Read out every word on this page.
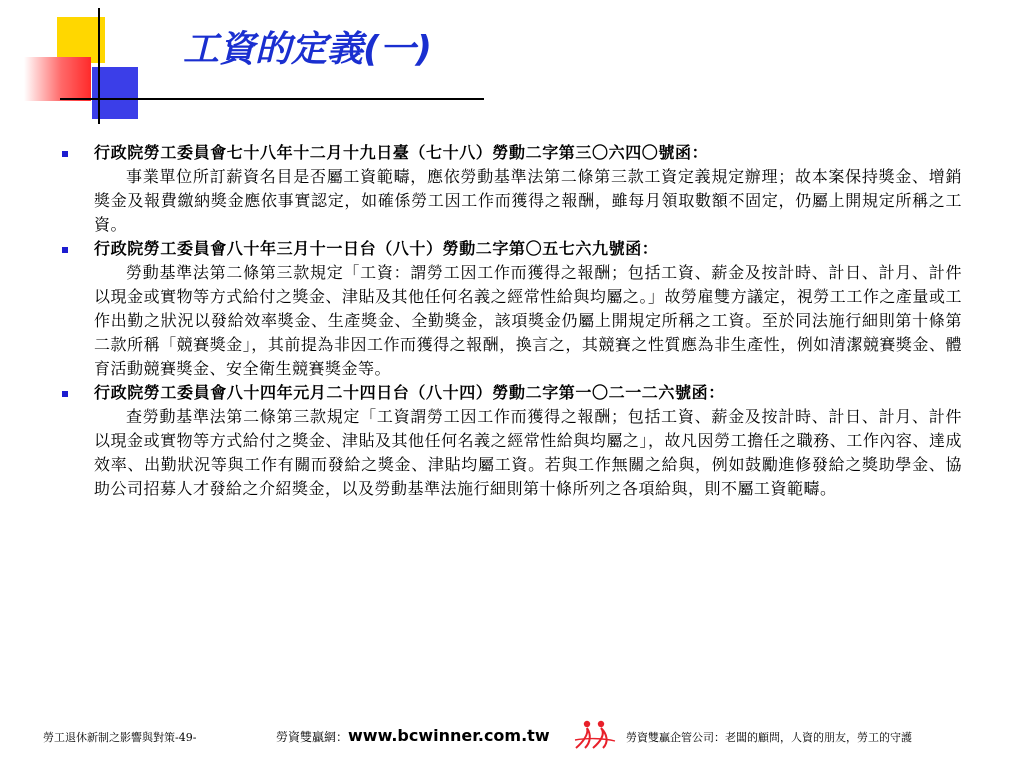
工資的定義(一)
行政院勞工委員會七十八年十二月十九日臺（七十八）勞動二字第三〇六四〇號函：
事業單位所訂薪資名目是否屬工資範疇，應依勞動基準法第二條第三款工資定義規定辦理；故本案保持獎金、增銷獎金及報費繳納獎金應依事實認定，如確係勞工因工作而獲得之報酬，雖每月領取數額不固定，仍屬上開規定所稱之工資。
行政院勞工委員會八十年三月十一日台（八十）勞動二字第〇五七六九號函：
勞動基準法第二條第三款規定「工資：謂勞工因工作而獲得之報酬；包括工資、薪金及按計時、計日、計月、計件以現金或實物等方式給付之獎金、津貼及其他任何名義之經常性給與均屬之。」故勞雇雙方議定，視勞工工作之產量或工作出勤之狀況以發給效率獎金、生產獎金、全勤獎金，該項獎金仍屬上開規定所稱之工資。至於同法施行細則第十條第二款所稱「競賽獎金」，其前提為非因工作而獲得之報酬，換言之，其競賽之性質應為非生產性，例如清潔競賽獎金、體育活動競賽獎金、安全衛生競賽獎金等。
行政院勞工委員會八十四年元月二十四日台（八十四）勞動二字第一〇二一二六號函：
查勞動基準法第二條第三款規定「工資謂勞工因工作而獲得之報酬；包括工資、薪金及按計時、計日、計月、計件以現金或實物等方式給付之獎金、津貼及其他任何名義之經常性給與均屬之」，故凡因勞工擔任之職務、工作內容、達成效率、出勤狀況等與工作有關而發給之獎金、津貼均屬工資。若與工作無關之給與，例如鼓勵進修發給之獎助學金、協助公司招募人才發給之介紹獎金，以及勞動基準法施行細則第十條所列之各項給與，則不屬工資範疇。
勞工退休新制之影響與對策-49-	勞資雙贏網：www.bcwinner.com.tw	勞資雙贏企管公司：老闆的顧問，人資的朋友，勞工的守護
